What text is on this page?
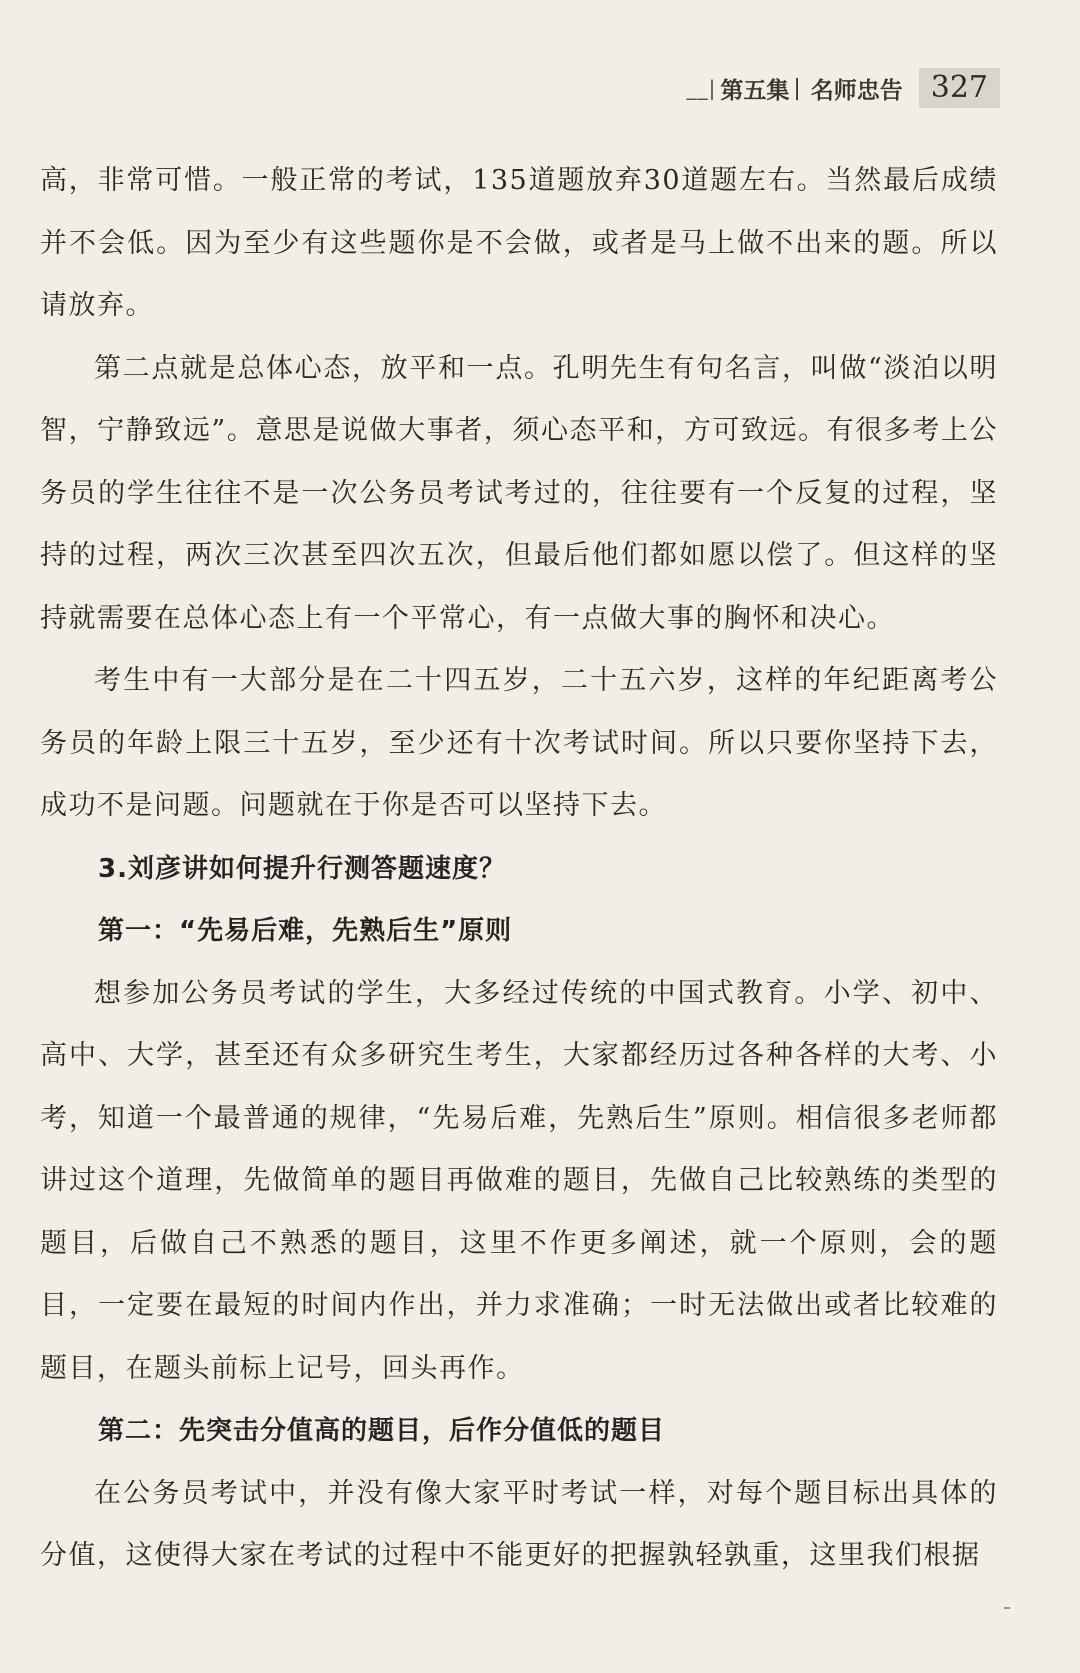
__| 第五集 | 名师忠告 327

高，非常可惜。一般正常的考试，135道题放弃30道题左右。当然最后成绩并不会低。因为至少有这些题你是不会做，或者是马上做不出来的题。所以请放弃。

第二点就是总体心态，放平和一点。孔明先生有句名言，叫做“淡泊以明智，宁静致远”。意思是说做大事者，须心态平和，方可致远。有很多考上公务员的学生往往不是一次公务员考试考过的，往往要有一个反复的过程，坚持的过程，两次三次甚至四次五次，但最后他们都如愿以偿了。但这样的坚持就需要在总体心态上有一个平常心，有一点做大事的胸怀和决心。

考生中有一大部分是在二十四五岁，二十五六岁，这样的年纪距离考公务员的年龄上限三十五岁，至少还有十次考试时间。所以只要你坚持下去，成功不是问题。问题就在于你是否可以坚持下去。

3.刘彦讲如何提升行测答题速度？

第一：“先易后难，先熟后生”原则

想参加公务员考试的学生，大多经过传统的中国式教育。小学、初中、高中、大学，甚至还有众多研究生考生，大家都经历过各种各样的大考、小考，知道一个最普通的规律，“先易后难，先熟后生”原则。相信很多老师都讲过这个道理，先做简单的题目再做难的题目，先做自己比较熟练的类型的题目，后做自己不熟悉的题目，这里不作更多阐述，就一个原则，会的题目，一定要在最短的时间内作出，并力求准确；一时无法做出或者比较难的题目，在题头前标上记号，回头再作。

第二：先突击分值高的题目，后作分值低的题目

在公务员考试中，并没有像大家平时考试一样，对每个题目标出具体的分值，这使得大家在考试的过程中不能更好的把握孰轻孰重，这里我们根据
